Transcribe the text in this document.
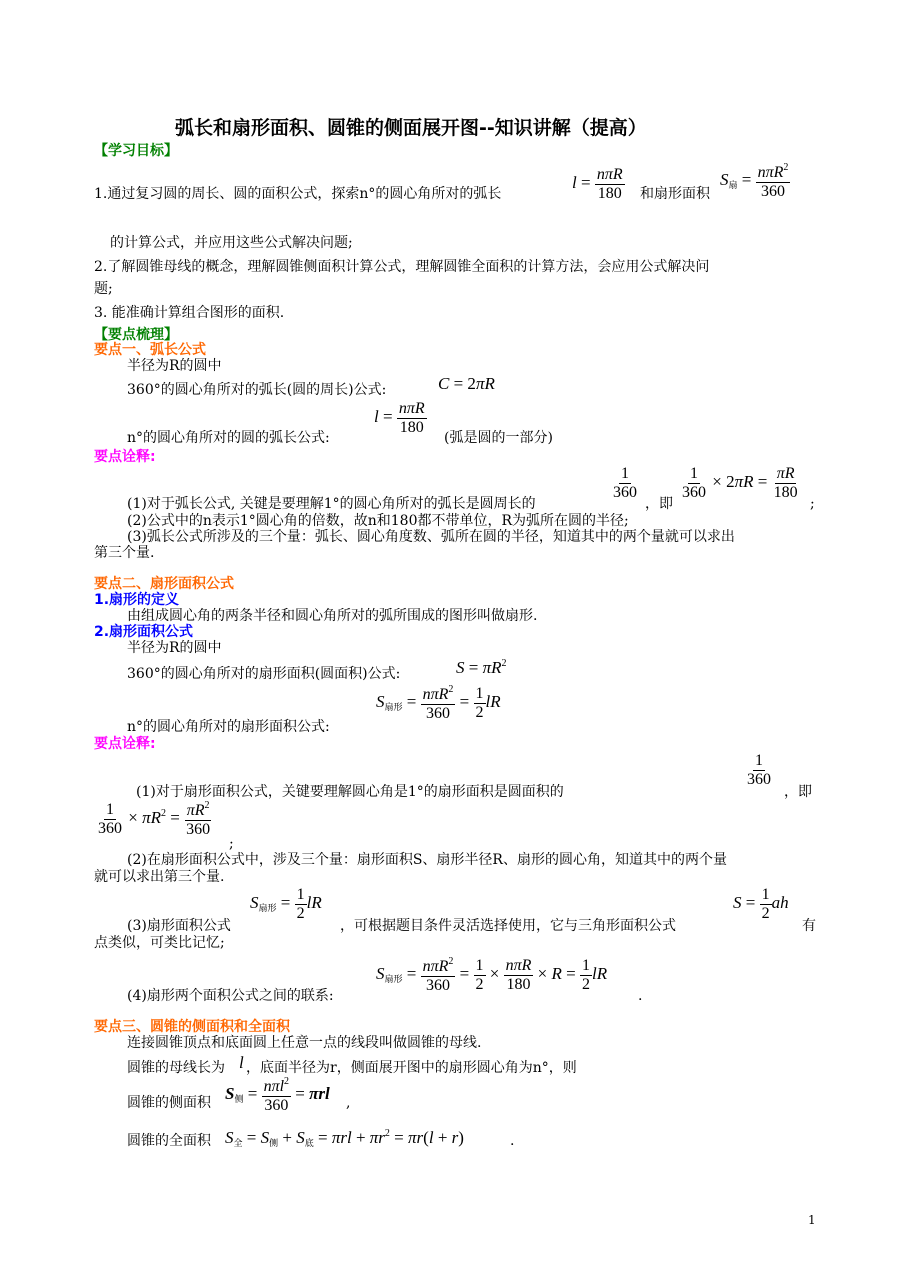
弧长和扇形面积、圆锥的侧面展开图--知识讲解（提高）
【学习目标】
1.通过复习圆的周长、圆的面积公式，探索n°的圆心角所对的弧长
$l = \frac{\text{nπR}}{180}$ 和扇形面积
$S_扇 = \frac{n\pi R^2}{360}$
的计算公式，并应用这些公式解决问题;
2.了解圆锥母线的概念，理解圆锥侧面积计算公式，理解圆锥全面积的计算方法，会应用公式解决问
题;
3. 能准确计算组合图形的面积.
【要点梳理】
要点一、弧长公式
半径为R的圆中
360°的圆心角所对的弧长(圆的周长)公式:	C = 2πR
$l = \frac{\text{nπR}}{180}$
n°的圆心角所对的圆的弧长公式:	(弧是圆的一部分)
要点诠释:
$\frac{1}{360}$	$\frac{1}{360} \times 2\pi R = \frac{\pi R}{180}$
(1)对于弧长公式, 关键是要理解1°的圆心角所对的弧长是圆周长的	，即	;
(2)公式中的n表示1°圆心角的倍数，故n和180都不带单位，R为弧所在圆的半径;
(3)弧长公式所涉及的三个量：弧长、圆心角度数、弧所在圆的半径，知道其中的两个量就可以求出
第三个量.
要点二、扇形面积公式
1.扇形的定义
由组成圆心角的两条半径和圆心角所对的弧所围成的图形叫做扇形.
2.扇形面积公式
半径为R的圆中
360°的圆心角所对的扇形面积(圆面积)公式:	$S = \pi R^2$
$S_{扇形} = \frac{n\pi R^2}{360} = \frac{1}{2}$ lR
n°的圆心角所对的扇形面积公式:
要点诠释:
$\frac{1}{360}$
(1)对于扇形面积公式，关键要理解圆心角是1°的扇形面积是圆面积的	，即
$\frac{1}{360} \times \pi R^2 = \frac{\pi R^2}{360}$
;
(2)在扇形面积公式中，涉及三个量：扇形面积S、扇形半径R、扇形的圆心角，知道其中的两个量
就可以求出第三个量.
$S_{扇形} = \frac{1}{2}$ lR	$S = \frac{1}{2}$ ah
(3)扇形面积公式	，可根据题目条件灵活选择使用，它与三角形面积公式	有
点类似，可类比记忆;
$S_{扇形} = \frac{n\pi R^2}{360} = \frac{1}{2} \times \frac{\text{nπR}}{180} \times R = \frac{1}{2}$ lR
(4)扇形两个面积公式之间的联系:	.
要点三、圆锥的侧面积和全面积
连接圆锥顶点和底面圆上任意一点的线段叫做圆锥的母线.
圆锥的母线长为 l ，底面半径为r，侧面展开图中的扇形圆心角为n°，则
圆锥的侧面积 $S_侧 = \frac{n\pi l^2}{360} = \pi rl$ ,
圆锥的全面积 $S_全 = S_侧 + S_底 = \pi rl + \pi r^2 = \pi r(l + r)$	.
1
